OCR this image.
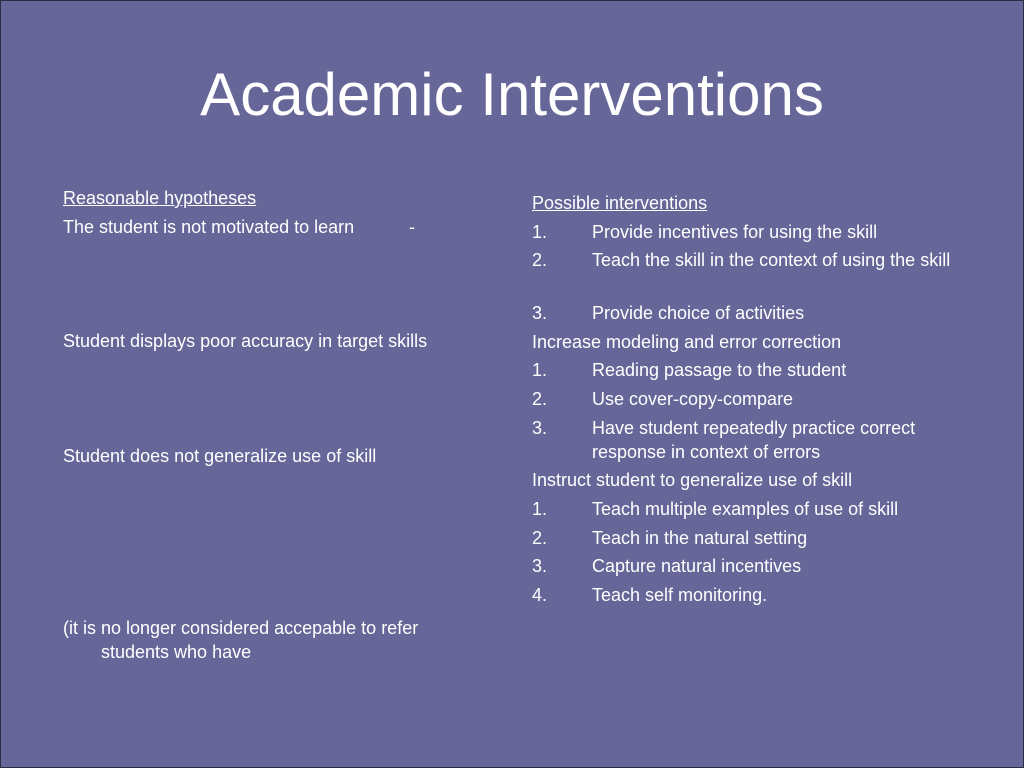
Academic Interventions
Reasonable hypotheses
The student is not motivated to learn	-
Student displays poor accuracy in target skills
Student does not generalize use of skill
(it is no longer considered accepable to refer
students who have
Possible interventions
1.	Provide incentives for using the skill
2.	Teach the skill in the context of using the skill
3.	Provide choice of activities
Increase modeling and error correction
1.	Reading passage to the student
2.	Use cover-copy-compare
3.	Have student repeatedly practice correct response in context of errors
Instruct student to generalize use of skill
1.	Teach multiple examples of use of skill
2.	Teach in the natural setting
3.	Capture natural incentives
4.	Teach self monitoring.
